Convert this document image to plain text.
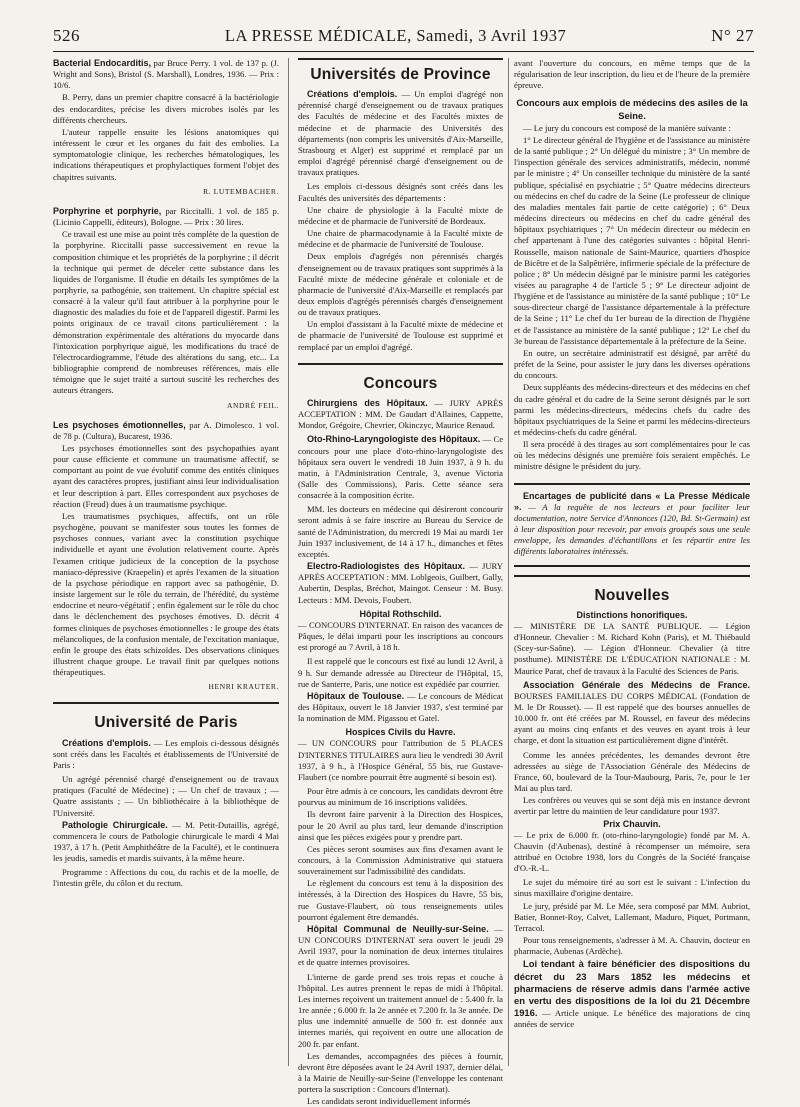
526	LA PRESSE MÉDICALE, Samedi, 3 Avril 1937	N° 27

Bacterial Endocarditis, par Bruce Perry. 1 vol. de 137 p. (J. Wright and Sons), Bristol (S. Marshall), Londres, 1936. — Prix : 10/6.

B. Perry, dans un premier chapitre consacré à la bactériologie des endocardites, précise les divers microbes isolés par les différents chercheurs.

L'auteur rappelle ensuite les lésions anatomiques qui intéressent le cœur et les organes du fait des embolies. La symptomatologie clinique, les recherches hématologiques, les indications thérapeutiques et prophylactiques forment l'objet des chapitres suivants.

R. LUTEMBACHER.

Porphyrine et porphyrie, par Riccitalli. 1 vol. de 185 p. (Licinio Cappelli, éditeurs), Bologne. — Prix : 30 lires.

Ce travail est une mise au point très complète de la question de la porphyrine. Riccitalli passe successivement en revue la composition chimique et les propriétés de la porphyrine ; il décrit la technique qui permet de déceler cette substance dans les liquides de l'organisme. Il étudie en détails les symptômes de la porphyrie, sa pathogénie, son traitement. Un chapitre spécial est consacré à la valeur qu'il faut attribuer à la porphyrine pour le diagnostic des maladies du foie et de l'appareil digestif. Parmi les points originaux de ce travail citons particulièrement : la démonstration expérimentale des altérations du myocarde dans l'intoxication porphyrique aiguë, les modifications du tracé de l'électrocardiogramme, l'étude des altérations du sang, etc... La bibliographie comprend de nombreuses références, mais elle témoigne que le sujet traité a surtout suscité les recherches des auteurs étrangers.

ANDRÉ FEIL.

Les psychoses émotionnelles, par A. Dimolesco. 1 vol. de 78 p. (Cultura), Bucarest, 1936.

Les psychoses émotionnelles sont des psychopathies ayant pour cause efficiente et commune un traumatisme affectif, se comportant au point de vue évolutif comme des entités cliniques ayant des caractères propres, justifiant ainsi leur individualisation et leur description à part. Elles correspondent aux psychoses de réaction (Freud) dues à un traumatisme psychique.

Les traumatismes psychiques, affectifs, ont un rôle psychogène, pouvant se manifester sous toutes les formes de psychoses connues, variant avec la constitution psychique individuelle et ayant une évolution relativement courte. Après l'examen critique judicieux de la conception de la psychose maniaco-dépressive (Kraepelin) et après l'examen de la situation de la psychose périodique en rapport avec sa pathogénie, D. insiste largement sur le rôle du terrain, de l'hérédité, du système endocrine et neuro-végétatif ; enfin également sur le rôle du choc dans le déclenchement des psychoses émotives. D. décrit 4 formes cliniques de psychoses émotionnelles : le groupe des états mélancoliques, de la confusion mentale, de l'excitation maniaque, enfin le groupe des états schizoïdes. Des observations cliniques illustrent chaque groupe. Le travail finit par quelques notions thérapeutiques.

HENRI KRAUTER.

Université de Paris

Créations d'emplois. — Les emplois ci-dessous désignés sont créés dans les Facultés et établissements de l'Université de Paris :

Un agrégé pérennisé chargé d'enseignement ou de travaux pratiques (Faculté de Médecine) ; — Un chef de travaux ; — Quatre assistants ; — Un bibliothécaire à la bibliothèque de l'Université.

Pathologie Chirurgicale. — M. Petit-Dutaillis, agrégé, commencera le cours de Pathologie chirurgicale le mardi 4 Mai 1937, à 17 h. (Petit Amphithéâtre de la Faculté), et le continuera les jeudis, samedis et mardis suivants, à la même heure.

Programme : Affections du cou, du rachis et de la moelle, de l'intestin grêle, du côlon et du rectum.

Universités de Province

Créations d'emplois. — Un emploi d'agrégé non pérennisé chargé d'enseignement ou de travaux pratiques des Facultés de médecine et des Facultés mixtes de médecine et de pharmacie des Universités des départements (non compris les universités d'Aix-Marseille, Strasbourg et Alger) est supprimé et remplacé par un emploi d'agrégé pérennisé chargé d'enseignement ou de travaux pratiques.

Les emplois ci-dessous désignés sont créés dans les Facultés des universités des départements :

Une chaire de physiologie à la Faculté mixte de médecine et de pharmacie de l'université de Bordeaux.

Une chaire de pharmacodynamie à la Faculté mixte de médecine et de pharmacie de l'université de Toulouse.

Deux emplois d'agrégés non pérennisés chargés d'enseignement ou de travaux pratiques sont supprimés à la Faculté mixte de médecine générale et coloniale et de pharmacie de l'université d'Aix-Marseille et remplacés par deux emplois d'agrégés pérennisés chargés d'enseignement ou de travaux pratiques.

Un emploi d'assistant à la Faculté mixte de médecine et de pharmacie de l'université de Toulouse est supprimé et remplacé par un emploi d'agrégé.

Concours

Chirurgiens des Hôpitaux. — JURY APRÈS ACCEPTATION : MM. De Gaudart d'Allaines, Cappette, Mondor, Grégoire, Chevrier, Okinczyc, Maurice Renaud.

Oto-Rhino-Laryngologiste des Hôpitaux. — Ce concours pour une place d'oto-rhino-laryngologiste des hôpitaux sera ouvert le vendredi 18 Juin 1937, à 9 h. du matin, à l'Administration Centrale, 3, avenue Victoria (Salle des Commissions), Paris. Cette séance sera consacrée à la composition écrite.

MM. les docteurs en médecine qui désireront concourir seront admis à se faire inscrire au Bureau du Service de santé de l'Administration, du mercredi 19 Mai au mardi 1er Juin 1937 inclusivement, de 14 à 17 h., dimanches et fêtes exceptés.

Electro-Radiologistes des Hôpitaux. — JURY APRÈS ACCEPTATION : MM. Loblgeois, Guilbert, Gally, Aubertin, Desplas, Bréchot, Maingot. Censeur : M. Busy. Lecteurs : MM. Devois, Foubert.

Hôpital Rothschild.
— CONCOURS D'INTERNAT. En raison des vacances de Pâques, le délai imparti pour les inscriptions au concours est prorogé au 7 Avril, à 18 h.

Il est rappelé que le concours est fixé au lundi 12 Avril, à 9 h. Sur demande adressée au Directeur de l'Hôpital, 15, rue de Santerre, Paris, une notice est expédiée par courrier.

Hôpitaux de Toulouse. — Le concours de Médicat des Hôpitaux, ouvert le 18 Janvier 1937, s'est terminé par la nomination de MM. Pigassou et Gatel.

Hospices Civils du Havre.
— UN CONCOURS pour l'attribution de 5 PLACES D'INTERNES TITULAIRES aura lieu le vendredi 30 Avril 1937, à 9 h., à l'Hospice Général, 55 bis, rue Gustave-Flaubert (ce nombre pourrait être augmenté si besoin est).

Pour être admis à ce concours, les candidats devront être pourvus au minimum de 16 inscriptions validées.

Ils devront faire parvenir à la Direction des Hospices, pour le 20 Avril au plus tard, leur demande d'inscription ainsi que les pièces exigées pour y prendre part.

Ces pièces seront soumises aux fins d'examen avant le concours, à la Commission Administrative qui statuera souverainement sur l'admissibilité des candidats.

Le règlement du concours est tenu à la disposition des intéressés, à la Direction des Hospices du Havre, 55 bis, rue Gustave-Flaubert, où tous renseignements utiles pourront également être demandés.

Hôpital Communal de Neuilly-sur-Seine. — UN CONCOURS D'INTERNAT sera ouvert le jeudi 29 Avril 1937, pour la nomination de deux internes titulaires et de quatre internes provisoires.

L'interne de garde prend ses trois repas et couche à l'hôpital. Les autres prennent le repas de midi à l'hôpital. Les internes reçoivent un traitement annuel de : 5.400 fr. la 1re année ; 6.000 fr. la 2e année et 7.200 fr. la 3e année. De plus une indemnité annuelle de 500 fr. est donnée aux internes mariés, qui reçoivent en outre une allocation de 200 fr. par enfant.

Les demandes, accompagnées des pièces à fournir, devront être déposées avant le 24 Avril 1937, dernier délai, à la Mairie de Neuilly-sur-Seine (l'enveloppe les contenant portera la suscription : Concours d'Internat).

Les candidats seront individuellement informés

avant l'ouverture du concours, en même temps que de la régularisation de leur inscription, du lieu et de l'heure de la première épreuve.

Concours aux emplois de médecins des asiles de la Seine.

— Le jury du concours est composé de la manière suivante :

1° Le directeur général de l'hygiène et de l'assistance au ministère de la santé publique ; 2° Un délégué du ministre ; 3° Un membre de l'inspection générale des services administratifs, médecin, nommé par le ministre ; 4° Un conseiller technique du ministère de la santé publique, spécialisé en psychiatrie ; 5° Quatre médecins directeurs ou médecins en chef du cadre de la Seine (Le professeur de clinique des maladies mentales fait partie de cette catégorie) ; 6° Deux médecins directeurs ou médecins en chef du cadre général des hôpitaux psychiatriques ; 7° Un médecin directeur ou médecin en chef appartenant à l'une des catégories suivantes : hôpital Henri-Rousselle, maison nationale de Saint-Maurice, quartiers d'hospice de Bicêtre et de la Salpêtrière, infirmerie spéciale de la préfecture de police ; 8° Un médecin désigné par le ministre parmi les catégories visées au paragraphe 4 de l'article 5 ; 9° Le directeur adjoint de l'hygiène et de l'assistance au ministère de la santé publique ; 10° Le sous-directeur chargé de l'assistance départementale à la préfecture de la Seine ; 11° Le chef du 1er bureau de la direction de l'hygiène et de l'assistance au ministère de la santé publique ; 12° Le chef du 3e bureau de l'assistance départementale à la préfecture de la Seine.

En outre, un secrétaire administratif est désigné, par arrêté du préfet de la Seine, pour assister le jury dans les diverses opérations du concours.

Deux suppléants des médecins-directeurs et des médecins en chef du cadre général et du cadre de la Seine seront désignés par le sort parmi les médecins-directeurs, médecins chefs du cadre des hôpitaux psychiatriques de la Seine et parmi les médecins-directeurs et médecins-chefs du cadre général.

Il sera procédé à des tirages au sort complémentaires pour le cas où les médecins désignés une première fois seraient empêchés. Le ministre désigne le président du jury.

Encartages de publicité dans « La Presse Médicale ». — A la requête de nos lecteurs et pour faciliter leur documentation, notre Service d'Annonces (120, Bd. St-Germain) est à leur disposition pour recevoir, par envois groupés sous une seule enveloppe, les demandes d'échantillons et les répartir entre les différents laboratoires intéressés.

Nouvelles

Distinctions honorifiques.
— MINISTÈRE DE LA SANTÉ PUBLIQUE. — Légion d'Honneur. Chevalier : M. Richard Kohn (Paris), et M. Thiébauld (Scey-sur-Saône). — Légion d'Honneur. Chevalier (à titre posthume). MINISTÈRE DE L'ÉDUCATION NATIONALE : M. Maurice Parat, chef de travaux à la Faculté des Sciences de Paris.

Association Générale des Médecins de France. BOURSES FAMILIALES DU CORPS MÉDICAL (Fondation de M. le Dr Rousset). — Il est rappelé que des bourses annuelles de 10.000 fr. ont été créées par M. Roussel, en faveur des médecins ayant au moins cinq enfants et des veuves en ayant trois à leur charge, et dont la situation est particulièrement digne d'intérêt.

Comme les années précédentes, les demandes devront être adressées au siège de l'Association Générale des Médecins de France, 60, boulevard de la Tour-Maubourg, Paris, 7e, pour le 1er Mai au plus tard.

Les confrères ou veuves qui se sont déjà mis en instance devront avertir par lettre du maintien de leur candidature pour 1937.

Prix Chauvin.
— Le prix de 6.000 fr. (oto-rhino-laryngologie) fondé par M. A. Chauvin (d'Aubenas), destiné à récompenser un mémoire, sera attribué en Octobre 1938, lors du Congrès de la Société française d'O.-R.-L.

Le sujet du mémoire tiré au sort est le suivant : L'infection du sinus maxillaire d'origine dentaire.

Le jury, présidé par M. Le Mée, sera composé par MM. Aubriot, Batier, Bonnet-Roy, Calvet, Lallemant, Maduro, Piquet, Portmann, Terracol.

Pour tous renseignements, s'adresser à M. A. Chauvin, docteur en pharmacie, Aubenas (Ardèche).

Loi tendant à faire bénéficier des dispositions du décret du 23 Mars 1852 les médecins et pharmaciens de réserve admis dans l'armée active en vertu des dispositions de la loi du 21 Décembre 1916. — Article unique. Le bénéfice des majorations de cinq années de service
